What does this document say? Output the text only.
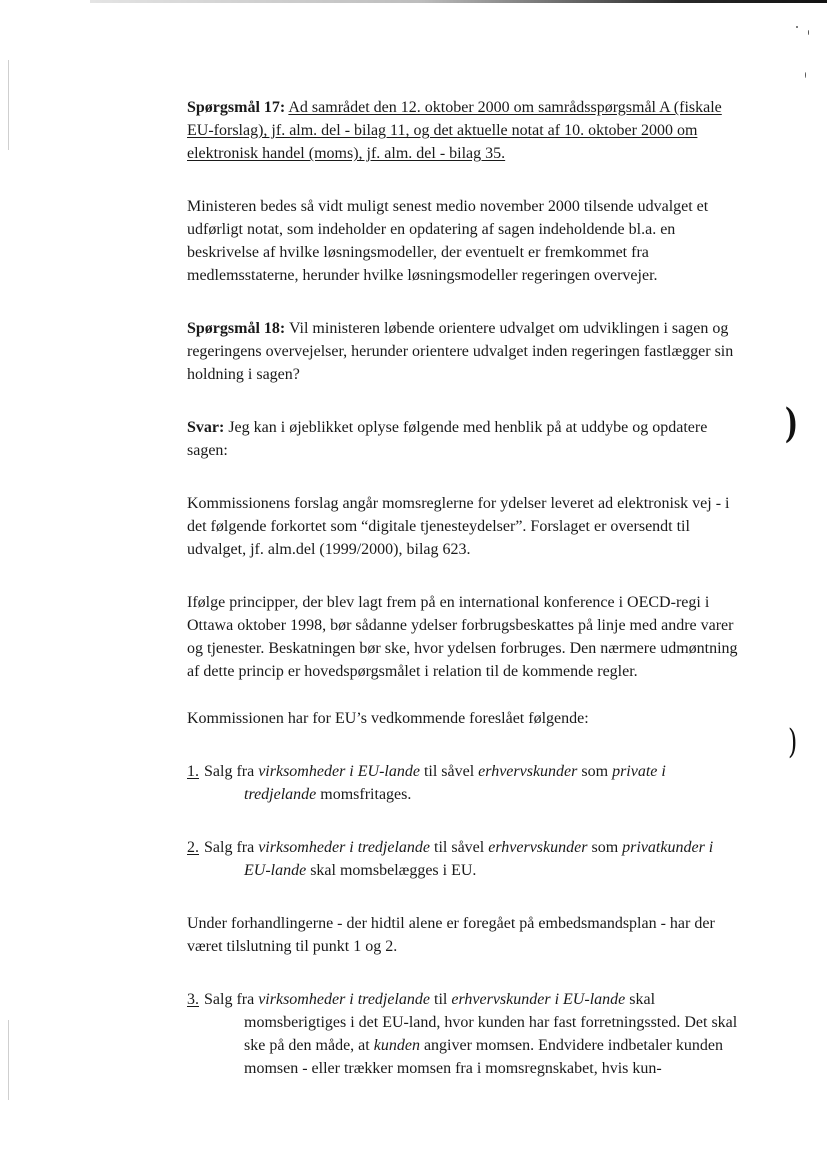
)
)

Spørgsmål 17: Ad samrådet den 12. oktober 2000 om samrådsspørgsmål A (fiskale EU-forslag), jf. alm. del - bilag 11, og det aktuelle notat af 10. oktober 2000 om elektronisk handel (moms), jf. alm. del - bilag 35.

Ministeren bedes så vidt muligt senest medio november 2000 tilsende udvalget et udførligt notat, som indeholder en opdatering af sagen indeholdende bl.a. en beskrivelse af hvilke løsningsmodeller, der eventuelt er fremkommet fra medlemsstaterne, herunder hvilke løsningsmodeller regeringen overvejer.

Spørgsmål 18: Vil ministeren løbende orientere udvalget om udviklingen i sagen og regeringens overvejelser, herunder orientere udvalget inden regeringen fastlægger sin holdning i sagen?

Svar: Jeg kan i øjeblikket oplyse følgende med henblik på at uddybe og opdatere sagen:

Kommissionens forslag angår momsreglerne for ydelser leveret ad elektronisk vej - i det følgende forkortet som “digitale tjenesteydelser”. Forslaget er oversendt til udvalget, jf. alm.del (1999/2000), bilag 623.

Ifølge principper, der blev lagt frem på en international konference i OECD-regi i Ottawa oktober 1998, bør sådanne ydelser forbrugsbeskattes på linje med andre varer og tjenester. Beskatningen bør ske, hvor ydelsen forbruges. Den nærmere udmøntning af dette princip er hovedspørgsmålet i relation til de kommende regler.

Kommissionen har for EU’s vedkommende foreslået følgende:

1. Salg fra virksomheder i EU-lande til såvel erhvervskunder som private i tredjelande momsfritages.

2. Salg fra virksomheder i tredjelande til såvel erhvervskunder som privatkunder i EU-lande skal momsbelægges i EU.

Under forhandlingerne - der hidtil alene er foregået på embedsmandsplan - har der været tilslutning til punkt 1 og 2.

3. Salg fra virksomheder i tredjelande til erhvervskunder i EU-lande skal momsberigtiges i det EU-land, hvor kunden har fast forretningssted. Det skal ske på den måde, at kunden angiver momsen. Endvidere indbetaler kunden momsen - eller trækker momsen fra i momsregnskabet, hvis kun-
